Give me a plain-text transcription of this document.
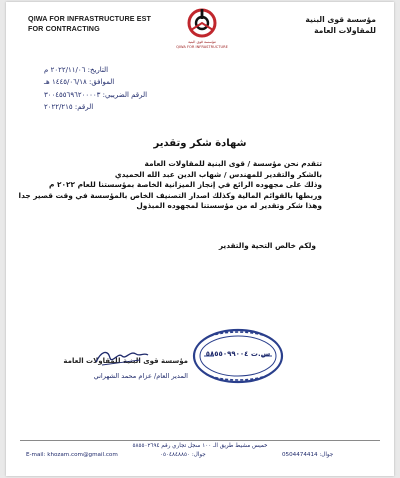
QIWA FOR INFRASTRUCTURE EST
FOR CONTRACTING
مؤسسة قوى البنية
QIWA FOR INFRASTRUCTURE
مؤسسة قوى البنية
للمقاولات العامة
التاريخ: ٢٠٢٢/١١/٠٦ م
الموافق: ١٤٤٥/٠٦/١٨ هـ
الرقم الضريبي: ٣٠٠٤٥٥٦٩٦٢٠٠٠٠٣
الرقم: ٢٠٢٢/٢١٥
شهادة شكر وتقدير

تتقدم نحن مؤسسة / قوى البنية للمقاولات العامة

بالشكر والتقدير للمهندس / شهاب الدين عبد الله الحميدي

وذلك على مجهوده الرائع في إنجاز الميزانية الخاصة بمؤسستنا للعام ٢٠٢٢ م

وربطها بالقوائم المالية وكذلك اصدار التصنيف الخاص بالمؤسسة في وقت قصير جدا

وهذا شكر وتقدير له من مؤسستنا لمجهوده المبذول

ولكم خالص التحية والتقدير
س.ت ٥٨٥٥٠٩٩٠٠٤
مؤسسة قوى البنية للمقاولات العامة
المدير العام/ عزام محمد الشهراني
خميس مشيط طريق الـ ١٠٠ سجل تجاري رقم ٥٨٥٥٠٢٦٩٤
E-mail: khozam.com@gmail.com	جوال: ٠٥٠٤٨٤٨٨٥٠	جوال: 0504474414
